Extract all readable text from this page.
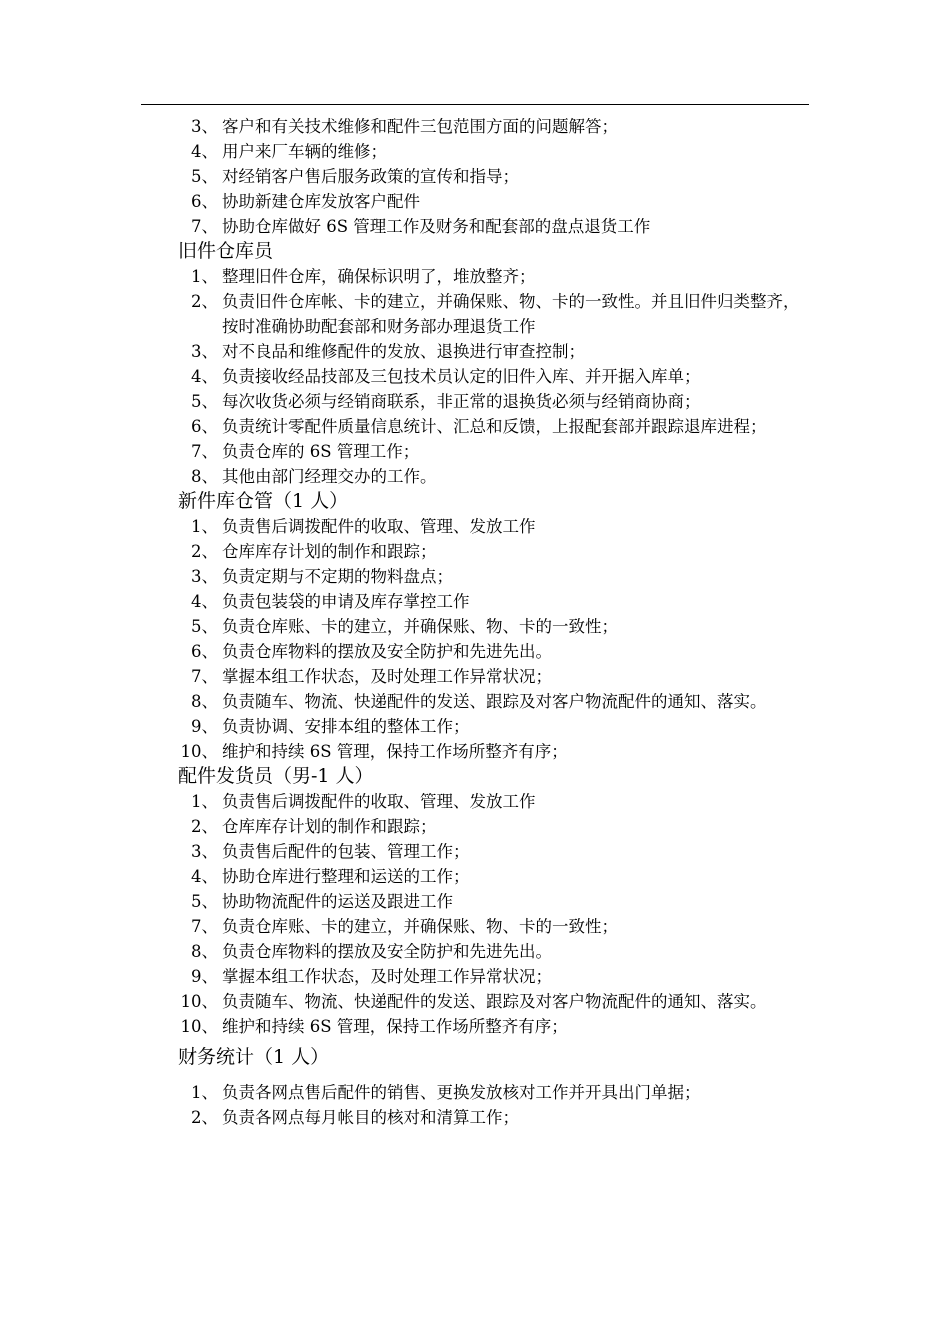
3、 客户和有关技术维修和配件三包范围方面的问题解答；
4、 用户来厂车辆的维修；
5、 对经销客户售后服务政策的宣传和指导；
6、 协助新建仓库发放客户配件
7、 协助仓库做好 6S 管理工作及财务和配套部的盘点退货工作
旧件仓库员
1、 整理旧件仓库，确保标识明了，堆放整齐；
2、 负责旧件仓库帐、卡的建立，并确保账、物、卡的一致性。并且旧件归类整齐，按时准确协助配套部和财务部办理退货工作
3、 对不良品和维修配件的发放、退换进行审查控制；
4、 负责接收经品技部及三包技术员认定的旧件入库、并开据入库单；
5、 每次收货必须与经销商联系，非正常的退换货必须与经销商协商；
6、 负责统计零配件质量信息统计、汇总和反馈，上报配套部并跟踪退库进程；
7、 负责仓库的 6S 管理工作；
8、 其他由部门经理交办的工作。
新件库仓管（1 人）
1、 负责售后调拨配件的收取、管理、发放工作
2、 仓库库存计划的制作和跟踪；
3、 负责定期与不定期的物料盘点；
4、 负责包装袋的申请及库存掌控工作
5、 负责仓库账、卡的建立，并确保账、物、卡的一致性；
6、 负责仓库物料的摆放及安全防护和先进先出。
7、 掌握本组工作状态，及时处理工作异常状况；
8、 负责随车、物流、快递配件的发送、跟踪及对客户物流配件的通知、落实。
9、 负责协调、安排本组的整体工作；
10、 维护和持续 6S 管理，保持工作场所整齐有序；
配件发货员（男-1 人）
1、 负责售后调拨配件的收取、管理、发放工作
2、 仓库库存计划的制作和跟踪；
3、 负责售后配件的包装、管理工作；
4、 协助仓库进行整理和运送的工作；
5、 协助物流配件的运送及跟进工作
7、 负责仓库账、卡的建立，并确保账、物、卡的一致性；
8、 负责仓库物料的摆放及安全防护和先进先出。
9、 掌握本组工作状态，及时处理工作异常状况；
10、 负责随车、物流、快递配件的发送、跟踪及对客户物流配件的通知、落实。
10、 维护和持续 6S 管理，保持工作场所整齐有序；
财务统计（1 人）
1、 负责各网点售后配件的销售、更换发放核对工作并开具出门单据；
2、 负责各网点每月帐目的核对和清算工作；
